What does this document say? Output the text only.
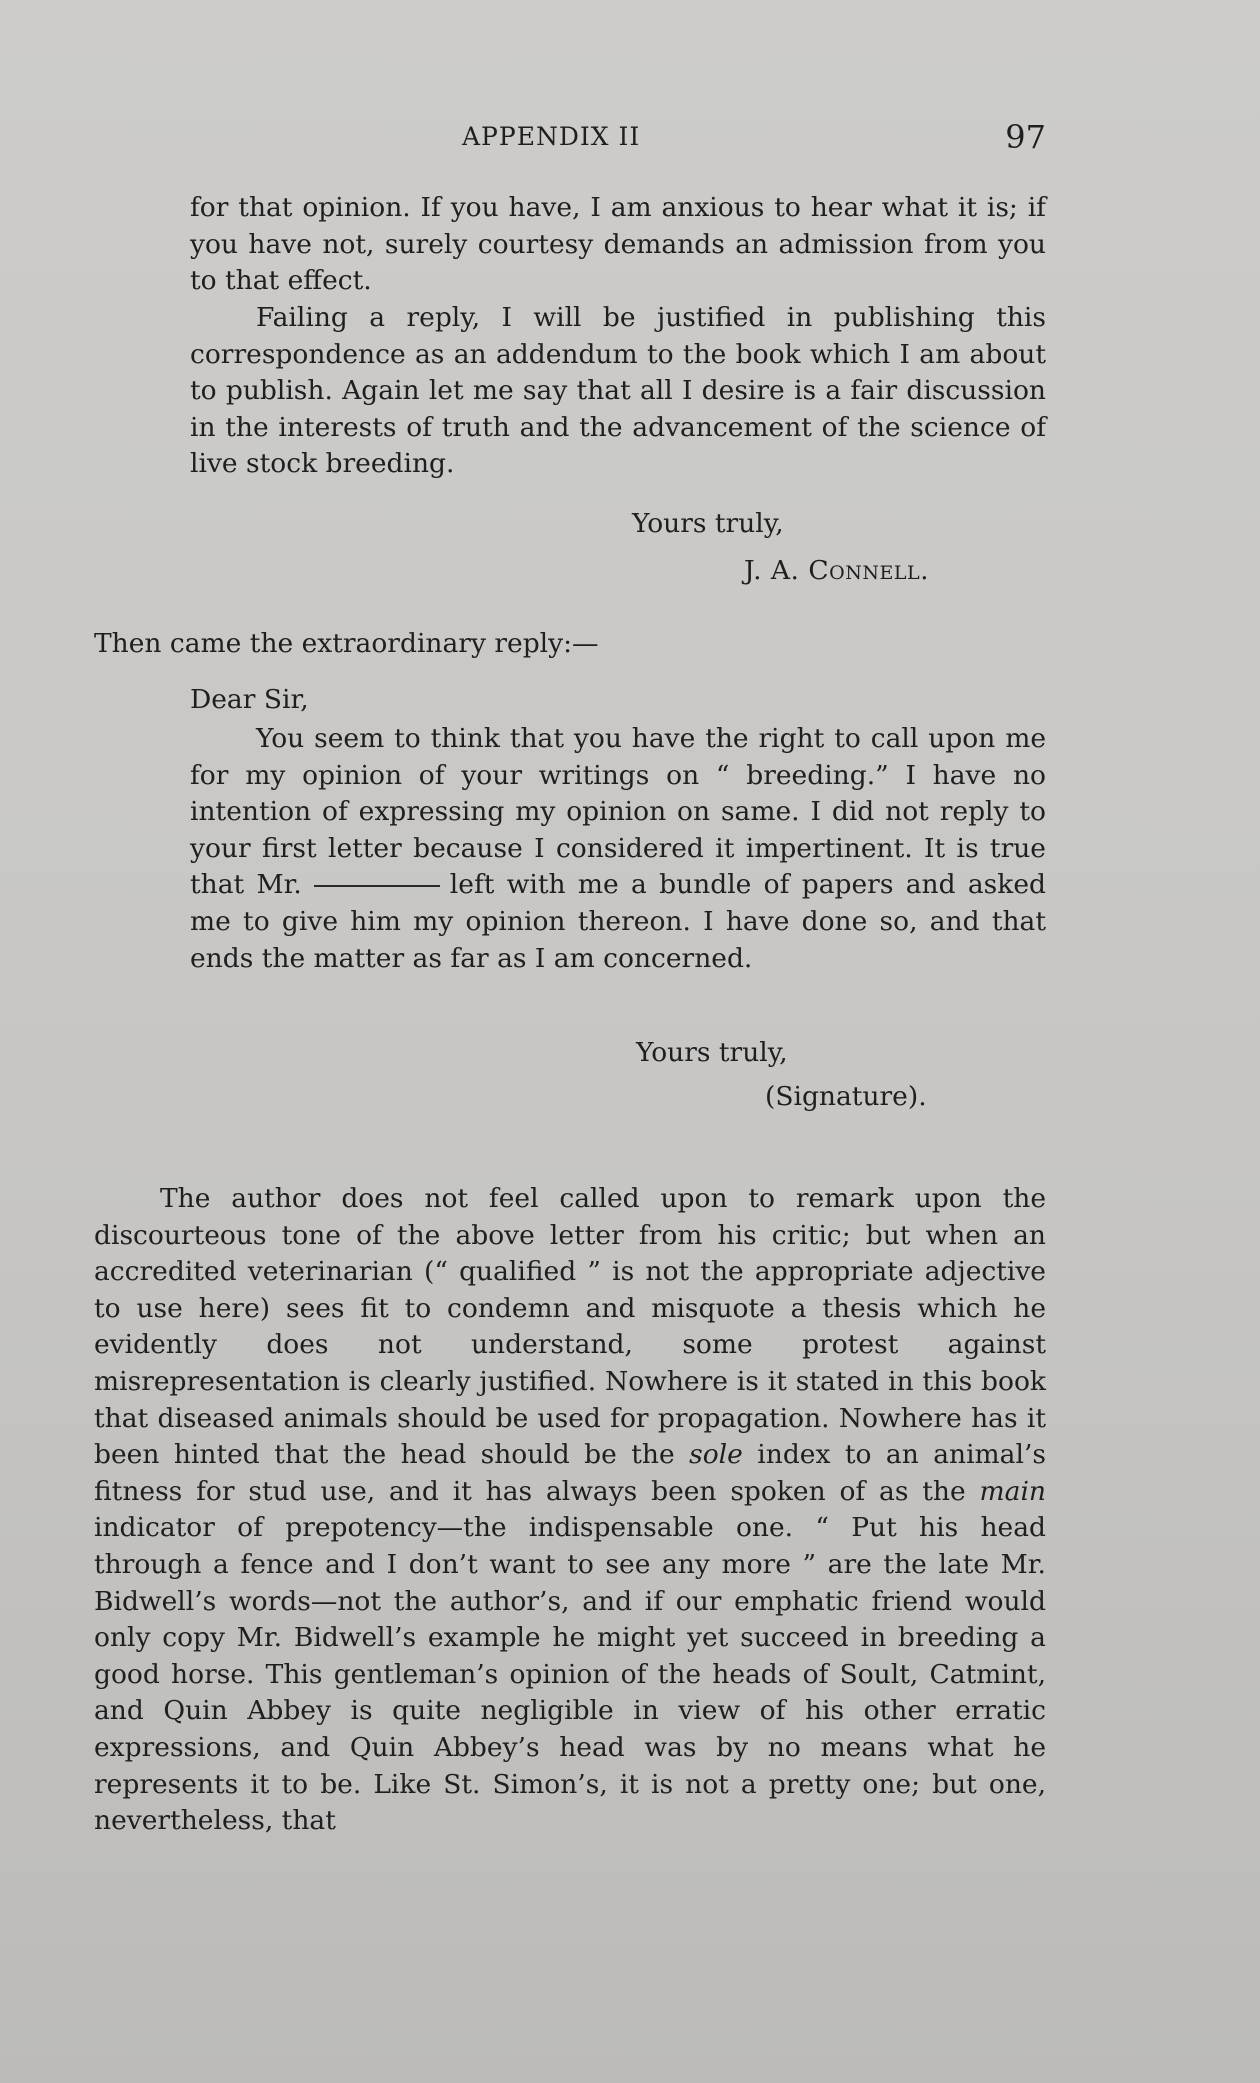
APPENDIX II	97

for that opinion. If you have, I am anxious to hear what it is; if you have not, surely courtesy demands an admission from you to that effect.

Failing a reply, I will be justified in publishing this correspondence as an addendum to the book which I am about to publish. Again let me say that all I desire is a fair discussion in the interests of truth and the advancement of the science of live stock breeding.

Yours truly,
J. A. Connell.
Then came the extraordinary reply:—
Dear Sir,

You seem to think that you have the right to call upon me for my opinion of your writings on “ breeding.” I have no intention of expressing my opinion on same. I did not reply to your first letter because I considered it impertinent. It is true that Mr.	left with me a bundle of papers and asked me to give him my opinion thereon. I have done so, and that ends the matter as far as I am concerned.

Yours truly,
(Signature).

The author does not feel called upon to remark upon the discourteous tone of the above letter from his critic; but when an accredited veterinarian (“ qualified ” is not the appropriate adjective to use here) sees fit to condemn and misquote a thesis which he evidently does not understand, some protest against misrepresentation is clearly justified. Nowhere is it stated in this book that diseased animals should be used for propagation. Nowhere has it been hinted that the head should be the sole index to an animal’s fitness for stud use, and it has always been spoken of as the main indicator of prepotency—the indispensable one. “ Put his head through a fence and I don’t want to see any more ” are the late Mr. Bidwell’s words—not the author’s, and if our emphatic friend would only copy Mr. Bidwell’s example he might yet succeed in breeding a good horse. This gentleman’s opinion of the heads of Soult, Catmint, and Quin Abbey is quite negligible in view of his other erratic expressions, and Quin Abbey’s head was by no means what he represents it to be. Like St. Simon’s, it is not a pretty one; but one, nevertheless, that
